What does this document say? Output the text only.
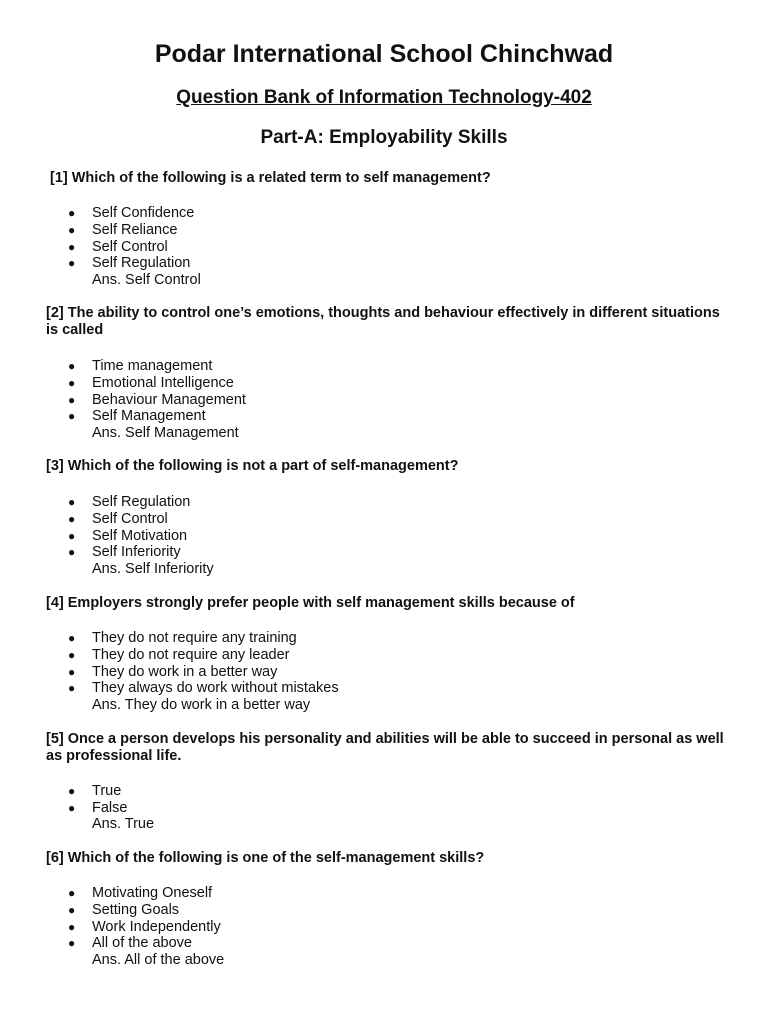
Podar International School Chinchwad
Question Bank of Information Technology-402
Part-A: Employability Skills

[1] Which of the following is a related term to self management?

● Self Confidence
● Self Reliance
● Self Control
● Self Regulation

Ans. Self Control

[2] The ability to control one’s emotions, thoughts and behaviour effectively in different situations is called

● Time management
● Emotional Intelligence
● Behaviour Management
● Self Management

Ans. Self Management

[3] Which of the following is not a part of self-management?

● Self Regulation
● Self Control
● Self Motivation
● Self Inferiority

Ans. Self Inferiority

[4] Employers strongly prefer people with self management skills because of

● They do not require any training
● They do not require any leader
● They do work in a better way
● They always do work without mistakes

Ans. They do work in a better way

[5] Once a person develops his personality and abilities will be able to succeed in personal as well as professional life.

● True
● False

Ans. True

[6] Which of the following is one of the self-management skills?

● Motivating Oneself
● Setting Goals
● Work Independently
● All of the above

Ans. All of the above
